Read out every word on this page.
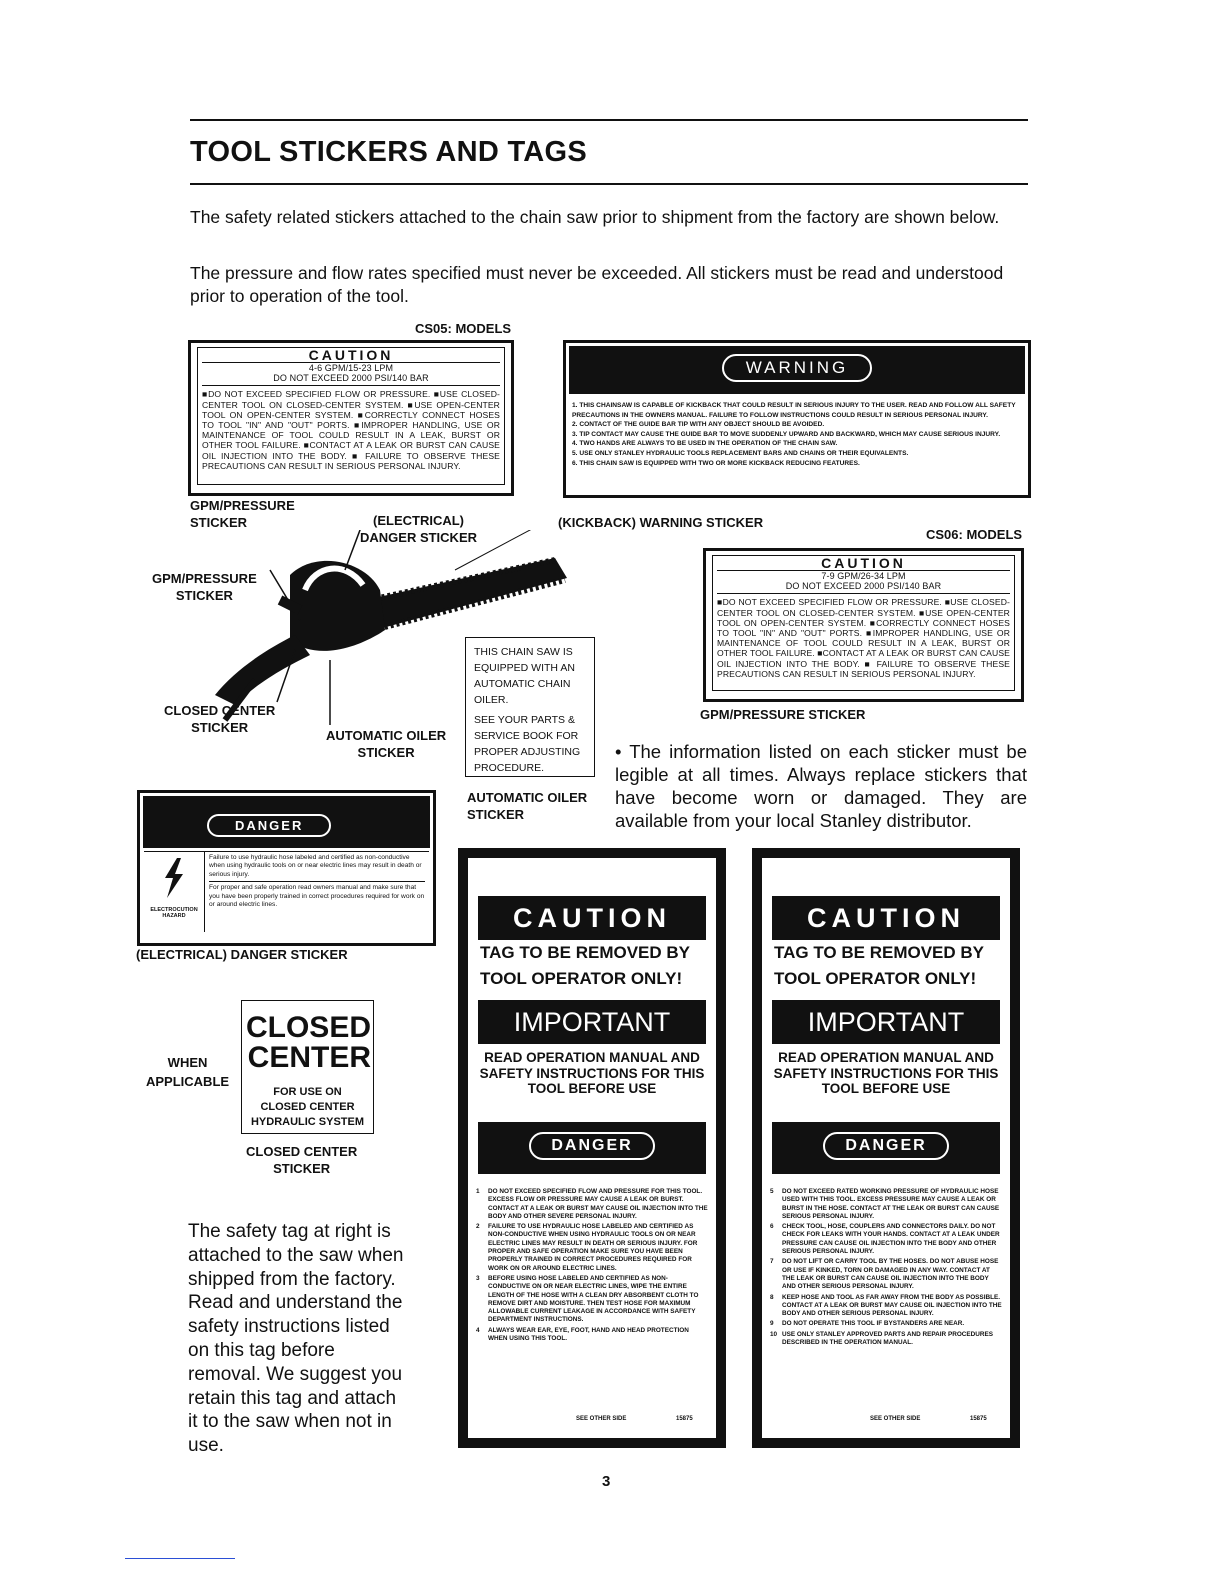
TOOL STICKERS AND TAGS
The safety related stickers attached to the chain saw prior to shipment from the factory are shown below.
The pressure and flow rates specified must never be exceeded. All stickers must be read and understood prior to operation of the tool.
CS05: MODELS
CAUTION
4-6 GPM/15-23 LPM
DO NOT EXCEED 2000 PSI/140 BAR
■DO NOT EXCEED SPECIFIED FLOW OR PRESSURE. ■USE CLOSED-CENTER TOOL ON CLOSED-CENTER SYSTEM. ■USE OPEN-CENTER TOOL ON OPEN-CENTER SYSTEM. ■CORRECTLY CONNECT HOSES TO TOOL "IN" AND "OUT" PORTS. ■IMPROPER HANDLING, USE OR MAINTENANCE OF TOOL COULD RESULT IN A LEAK, BURST OR OTHER TOOL FAILURE. ■CONTACT AT A LEAK OR BURST CAN CAUSE OIL INJECTION INTO THE BODY. ■ FAILURE TO OBSERVE THESE PRECAUTIONS CAN RESULT IN SERIOUS PERSONAL INJURY.
GPM/PRESSURE
STICKER
WARNING
1. THIS CHAINSAW IS CAPABLE OF KICKBACK THAT COULD RESULT IN SERIOUS INJURY TO THE USER. READ AND FOLLOW ALL SAFETY PRECAUTIONS IN THE OWNERS MANUAL. FAILURE TO FOLLOW INSTRUCTIONS COULD RESULT IN SERIOUS PERSONAL INJURY.
2. CONTACT OF THE GUIDE BAR TIP WITH ANY OBJECT SHOULD BE AVOIDED.
3. TIP CONTACT MAY CAUSE THE GUIDE BAR TO MOVE SUDDENLY UPWARD AND BACKWARD, WHICH MAY CAUSE SERIOUS INJURY.
4. TWO HANDS ARE ALWAYS TO BE USED IN THE OPERATION OF THE CHAIN SAW.
5. USE ONLY STANLEY HYDRAULIC TOOLS REPLACEMENT BARS AND CHAINS OR THEIR EQUIVALENTS.
6. THIS CHAIN SAW IS EQUIPPED WITH TWO OR MORE KICKBACK REDUCING FEATURES.
(ELECTRICAL)
DANGER STICKER
(KICKBACK) WARNING STICKER
CS06: MODELS
GPM/PRESSURE
STICKER
CLOSED CENTER
STICKER
AUTOMATIC OILER
STICKER
CAUTION
7-9 GPM/26-34 LPM
DO NOT EXCEED 2000 PSI/140 BAR
■DO NOT EXCEED SPECIFIED FLOW OR PRESSURE. ■USE CLOSED-CENTER TOOL ON CLOSED-CENTER SYSTEM. ■USE OPEN-CENTER TOOL ON OPEN-CENTER SYSTEM. ■CORRECTLY CONNECT HOSES TO TOOL "IN" AND "OUT" PORTS. ■IMPROPER HANDLING, USE OR MAINTENANCE OF TOOL COULD RESULT IN A LEAK, BURST OR OTHER TOOL FAILURE. ■CONTACT AT A LEAK OR BURST CAN CAUSE OIL INJECTION INTO THE BODY. ■ FAILURE TO OBSERVE THESE PRECAUTIONS CAN RESULT IN SERIOUS PERSONAL INJURY.
GPM/PRESSURE STICKER
THIS CHAIN SAW IS EQUIPPED WITH AN AUTOMATIC CHAIN OILER.
SEE YOUR PARTS & SERVICE BOOK FOR PROPER ADJUSTING PROCEDURE.
AUTOMATIC OILER
STICKER
• The information listed on each sticker must be legible at all times. Always replace stickers that have become worn or damaged. They are available from your local Stanley distributor.
DANGER
ELECTROCUTION
HAZARD
Failure to use hydraulic hose labeled and certified as non-conductive when using hydraulic tools on or near electric lines may result in death or serious injury.
For proper and safe operation read owners manual and make sure that you have been properly trained in correct procedures required for work on or around electric lines.
(ELECTRICAL) DANGER STICKER
WHEN
APPLICABLE
CLOSED
CENTER
FOR USE ON
CLOSED CENTER
HYDRAULIC SYSTEM
CLOSED CENTER
STICKER
The safety tag at right is attached to the saw when shipped from the factory. Read and understand the safety instructions listed on this tag before removal. We suggest you retain this tag and attach it to the saw when not in use.
CAUTION
TAG TO BE REMOVED BY TOOL OPERATOR ONLY!
IMPORTANT
READ OPERATION MANUAL AND SAFETY INSTRUCTIONS FOR THIS TOOL BEFORE USE
DANGER
1	DO NOT EXCEED SPECIFIED FLOW AND PRESSURE FOR THIS TOOL. EXCESS FLOW OR PRESSURE MAY CAUSE A LEAK OR BURST. CONTACT AT A LEAK OR BURST MAY CAUSE OIL INJECTION INTO THE BODY AND OTHER SEVERE PERSONAL INJURY.
2	FAILURE TO USE HYDRAULIC HOSE LABELED AND CERTIFIED AS NON-CONDUCTIVE WHEN USING HYDRAULIC TOOLS ON OR NEAR ELECTRIC LINES MAY RESULT IN DEATH OR SERIOUS INJURY. FOR PROPER AND SAFE OPERATION MAKE SURE YOU HAVE BEEN PROPERLY TRAINED IN CORRECT PROCEDURES REQUIRED FOR WORK ON OR AROUND ELECTRIC LINES.
3	BEFORE USING HOSE LABELED AND CERTIFIED AS NON-CONDUCTIVE ON OR NEAR ELECTRIC LINES, WIPE THE ENTIRE LENGTH OF THE HOSE WITH A CLEAN DRY ABSORBENT CLOTH TO REMOVE DIRT AND MOISTURE. THEN TEST HOSE FOR MAXIMUM ALLOWABLE CURRENT LEAKAGE IN ACCORDANCE WITH SAFETY DEPARTMENT INSTRUCTIONS.
4	ALWAYS WEAR EAR, EYE, FOOT, HAND AND HEAD PROTECTION WHEN USING THIS TOOL.
SEE OTHER SIDE	15875
CAUTION
TAG TO BE REMOVED BY TOOL OPERATOR ONLY!
IMPORTANT
READ OPERATION MANUAL AND SAFETY INSTRUCTIONS FOR THIS TOOL BEFORE USE
DANGER
5	DO NOT EXCEED RATED WORKING PRESSURE OF HYDRAULIC HOSE USED WITH THIS TOOL. EXCESS PRESSURE MAY CAUSE A LEAK OR BURST IN THE HOSE. CONTACT AT THE LEAK OR BURST CAN CAUSE SERIOUS PERSONAL INJURY.
6	CHECK TOOL, HOSE, COUPLERS AND CONNECTORS DAILY. DO NOT CHECK FOR LEAKS WITH YOUR HANDS. CONTACT AT A LEAK UNDER PRESSURE CAN CAUSE OIL INJECTION INTO THE BODY AND OTHER SERIOUS PERSONAL INJURY.
7	DO NOT LIFT OR CARRY TOOL BY THE HOSES. DO NOT ABUSE HOSE OR USE IF KINKED, TORN OR DAMAGED IN ANY WAY. CONTACT AT THE LEAK OR BURST CAN CAUSE OIL INJECTION INTO THE BODY AND OTHER SERIOUS PERSONAL INJURY.
8	KEEP HOSE AND TOOL AS FAR AWAY FROM THE BODY AS POSSIBLE. CONTACT AT A LEAK OR BURST MAY CAUSE OIL INJECTION INTO THE BODY AND OTHER SERIOUS PERSONAL INJURY.
9	DO NOT OPERATE THIS TOOL IF BYSTANDERS ARE NEAR.
10 USE ONLY STANLEY APPROVED PARTS AND REPAIR PROCEDURES DESCRIBED IN THE OPERATION MANUAL.
SEE OTHER SIDE	15875
3
